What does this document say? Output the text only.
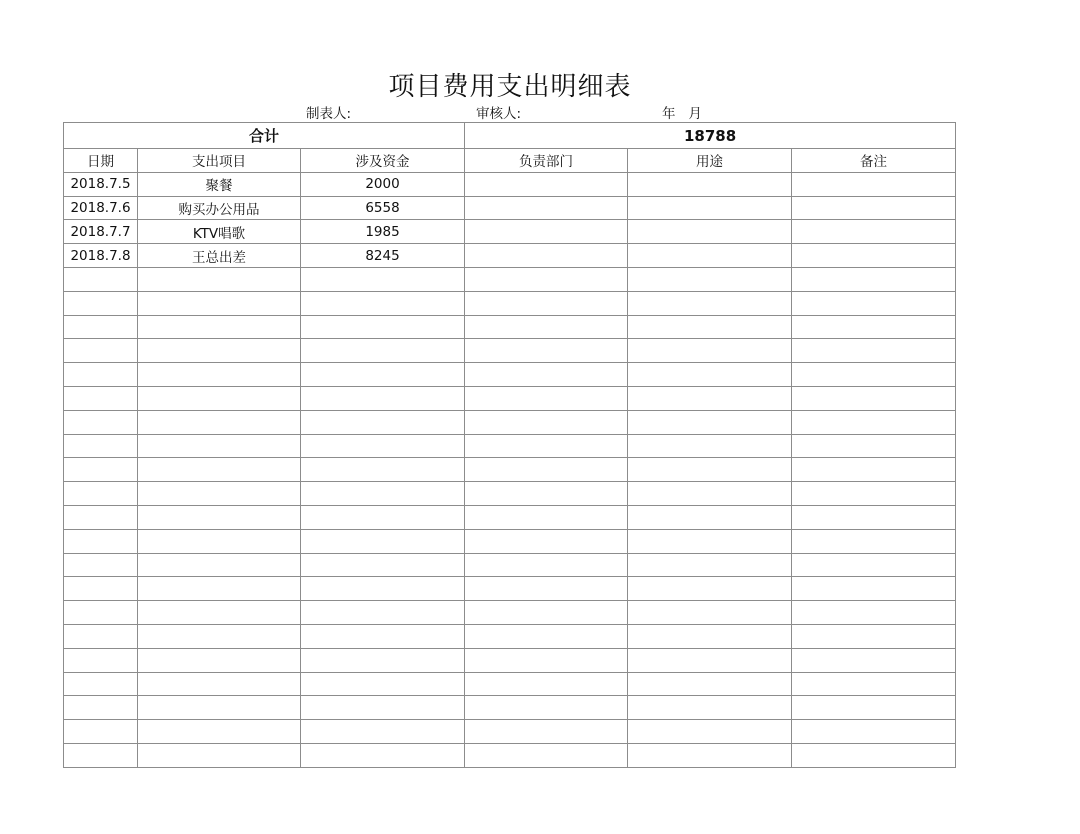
项目费用支出明细表
制表人:	审核人:	年   月
合计			18788		
日期	支出项目	涉及资金	负责部门	用途	备注
2018.7.5	聚餐	2000			
2018.7.6	购买办公用品	6558			
2018.7.7	KTV唱歌	1985			
2018.7.8	王总出差	8245			
